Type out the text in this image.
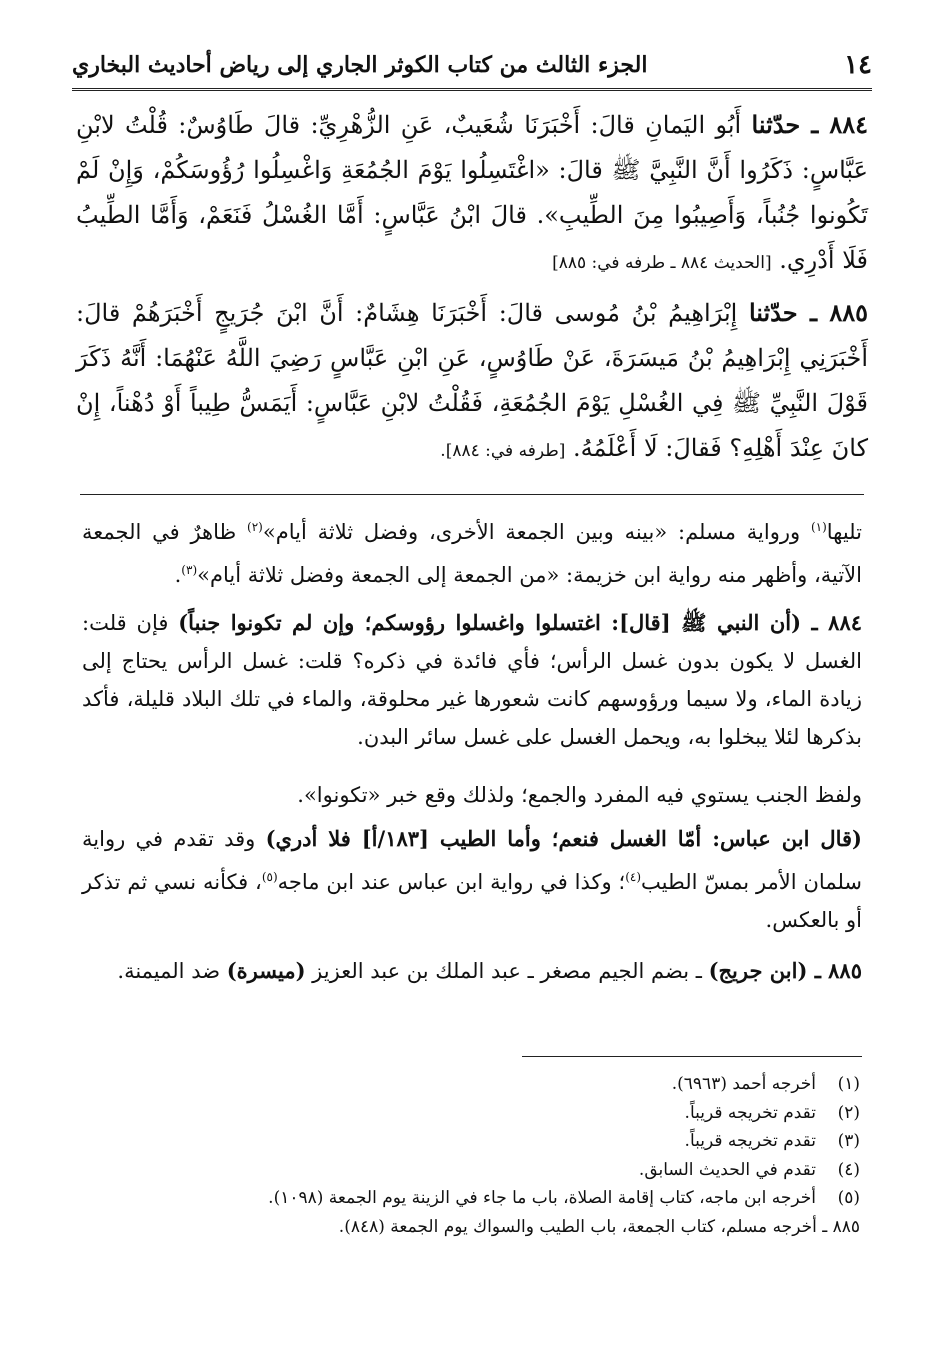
١٤
الجزء الثالث من كتاب الكوثر الجاري إلى رياض أحاديث البخاري
٨٨٤ ـ حدّثنا أَبُو اليَمانِ قالَ: أَخْبَرَنَا شُعَيبٌ، عَنِ الزُّهْرِيِّ: قالَ طَاوُسٌ: قُلْتُ لابْنِ عَبَّاسٍ: ذَكَرُوا أَنَّ النَّبِيَّ ﷺ قالَ: «اغْتَسِلُوا يَوْمَ الجُمُعَةِ وَاغْسِلُوا رُؤُوسَكُمْ، وَإِنْ لَمْ تَكُونوا جُنُباً، وَأَصِيبُوا مِنَ الطِّيبِ». قالَ ابْنُ عَبَّاسٍ: أَمَّا الغُسْلُ فَنَعَمْ، وَأَمَّا الطِّيبُ فَلَا أَدْرِي. [الحديث ٨٨٤ ـ طرفه في: ٨٨٥]
٨٨٥ ـ حدّثنا إِبْرَاهِيمُ بْنُ مُوسى قالَ: أَخْبَرَنَا هِشَامٌ: أَنَّ ابْنَ جُرَيجٍ أَخْبَرَهُمْ قالَ: أَخْبَرَنِي إِبْرَاهِيمُ بْنُ مَيسَرَةَ، عَنْ طَاوُسٍ، عَنِ ابْنِ عَبَّاسٍ رَضِيَ اللَّهُ عَنْهُمَا: أَنَّهُ ذَكَرَ قَوْلَ النَّبِيِّ ﷺ فِي الغُسْلِ يَوْمَ الجُمُعَةِ، فَقُلْتُ لابْنِ عَبَّاسٍ: أَيَمَسُّ طِيباً أَوْ دُهْناً، إِنْ كانَ عِنْدَ أَهْلِهِ؟ فَقالَ: لَا أَعْلَمُهُ. [طرفه في: ٨٨٤].
تليها$^{(١)}$ ورواية مسلم: «بينه وبين الجمعة الأخرى، وفضل ثلاثة أيام»$^{(٢)}$ ظاهرٌ في الجمعة الآتية، وأظهر منه رواية ابن خزيمة: «من الجمعة إلى الجمعة وفضل ثلاثة أيام»$^{(٣)}$.
٨٨٤ ـ (أن النبي ﷺ [قال]: اغتسلوا واغسلوا رؤوسكم؛ وإن لم تكونوا جنباً) فإن قلت: الغسل لا يكون بدون غسل الرأس؛ فأي فائدة في ذكره؟ قلت: غسل الرأس يحتاج إلى زيادة الماء، ولا سيما ورؤوسهم كانت شعورها غير محلوقة، والماء في تلك البلاد قليلة، فأكد بذكرها لئلا يبخلوا به، ويحمل الغسل على غسل سائر البدن.
ولفظ الجنب يستوي فيه المفرد والجمع؛ ولذلك وقع خبر «تكونوا».
(قال ابن عباس: أمّا الغسل فنعم؛ وأما الطيب [١٨٣/أ] فلا أدري) وقد تقدم في رواية سلمان الأمر بمسّ الطيب$^{(٤)}$؛ وكذا في رواية ابن عباس عند ابن ماجه$^{(٥)}$، فكأنه نسي ثم تذكر أو بالعكس.
٨٨٥ ـ (ابن جريج) ـ بضم الجيم مصغر ـ عبد الملك بن عبد العزيز (ميسرة) ضد الميمنة.
(١)أخرجه أحمد (٦٩٦٣).
(٢)تقدم تخريجه قريباً.
(٣)تقدم تخريجه قريباً.
(٤)تقدم في الحديث السابق.
(٥)أخرجه ابن ماجه، كتاب إقامة الصلاة، باب ما جاء في الزينة يوم الجمعة (١٠٩٨).
٨٨٥ ـ أخرجه مسلم، كتاب الجمعة، باب الطيب والسواك يوم الجمعة (٨٤٨).
